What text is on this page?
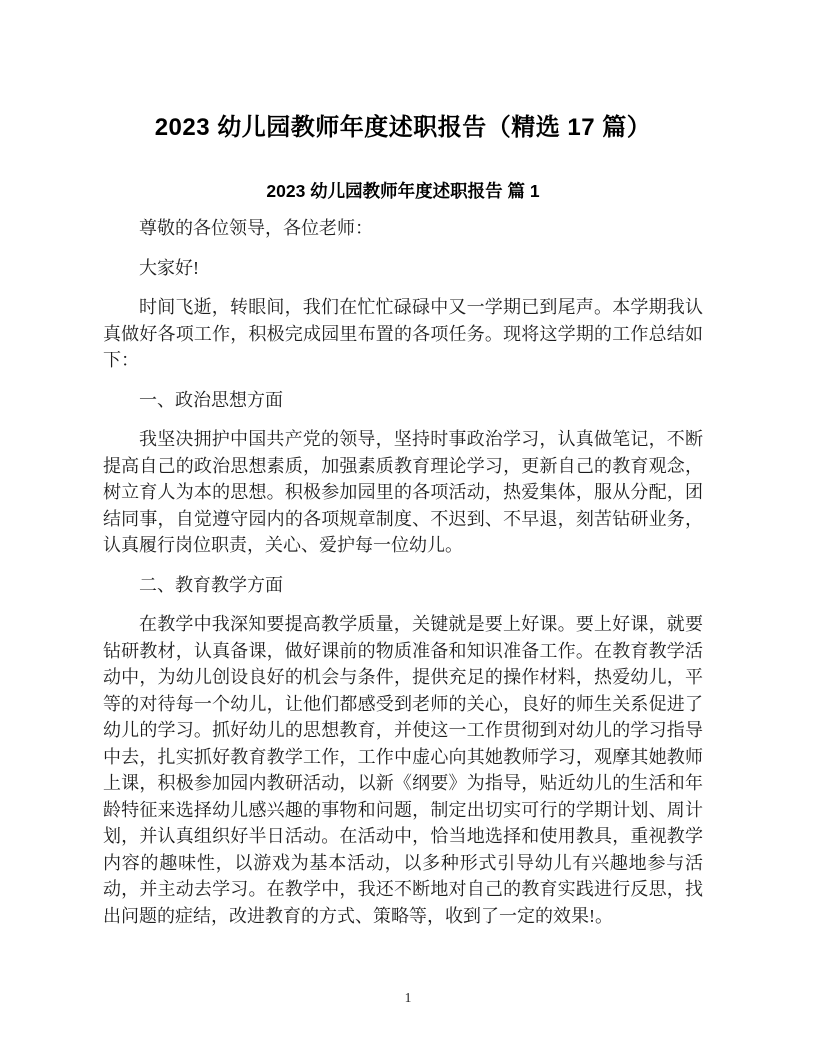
2023 幼儿园教师年度述职报告（精选 17 篇）
2023 幼儿园教师年度述职报告 篇 1

尊敬的各位领导，各位老师：

大家好!

时间飞逝，转眼间，我们在忙忙碌碌中又一学期已到尾声。本学期我认真做好各项工作，积极完成园里布置的各项任务。现将这学期的工作总结如下：

一、政治思想方面

我坚决拥护中国共产党的领导，坚持时事政治学习，认真做笔记，不断提高自己的政治思想素质，加强素质教育理论学习，更新自己的教育观念，树立育人为本的思想。积极参加园里的各项活动，热爱集体，服从分配，团结同事，自觉遵守园内的各项规章制度、不迟到、不早退，刻苦钻研业务，认真履行岗位职责，关心、爱护每一位幼儿。

二、教育教学方面

在教学中我深知要提高教学质量，关键就是要上好课。要上好课，就要钻研教材，认真备课，做好课前的物质准备和知识准备工作。在教育教学活动中，为幼儿创设良好的机会与条件，提供充足的操作材料，热爱幼儿，平等的对待每一个幼儿，让他们都感受到老师的关心，良好的师生关系促进了幼儿的学习。抓好幼儿的思想教育，并使这一工作贯彻到对幼儿的学习指导中去，扎实抓好教育教学工作，工作中虚心向其她教师学习，观摩其她教师上课，积极参加园内教研活动，以新《纲要》为指导，贴近幼儿的生活和年龄特征来选择幼儿感兴趣的事物和问题，制定出切实可行的学期计划、周计划，并认真组织好半日活动。在活动中，恰当地选择和使用教具，重视教学内容的趣味性，以游戏为基本活动，以多种形式引导幼儿有兴趣地参与活动，并主动去学习。在教学中，我还不断地对自己的教育实践进行反思，找出问题的症结，改进教育的方式、策略等，收到了一定的效果!。

1
